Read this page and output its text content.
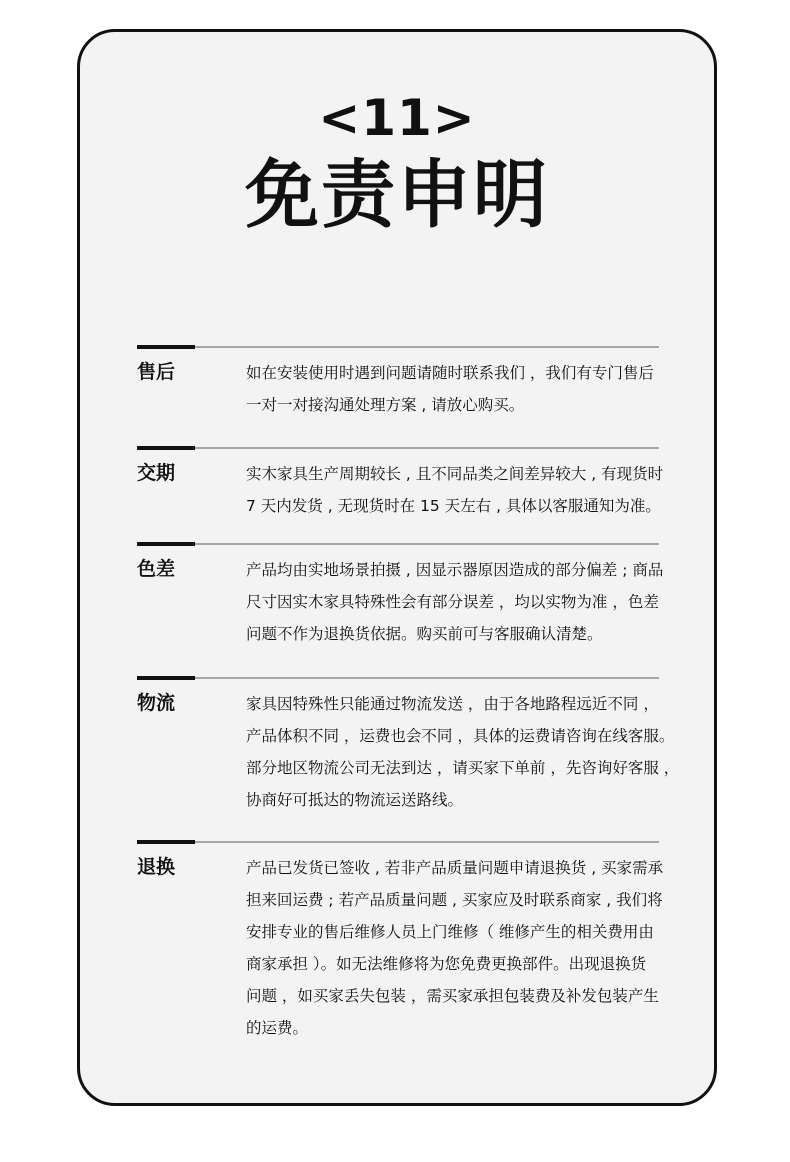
<11>
免责申明
售后	如在安装使用时遇到问题请随时联系我们 ，我们有专门售后
一对一对接沟通处理方案 , 请放心购买。
交期	实木家具生产周期较长 , 且不同品类之间差异较大 , 有现货时
7 天内发货 , 无现货时在 15 天左右 , 具体以客服通知为准。
色差	产品均由实地场景拍摄 , 因显示器原因造成的部分偏差 ; 商品
尺寸因实木家具特殊性会有部分误差 ，均以实物为准 ，色差
问题不作为退换货依据。购买前可与客服确认清楚。
物流	家具因特殊性只能通过物流发送 ，由于各地路程远近不同 ，
产品体积不同 ，运费也会不同 ，具体的运费请咨询在线客服。
部分地区物流公司无法到达 ，请买家下单前 ，先咨询好客服 ，
协商好可抵达的物流运送路线。
退换	产品已发货已签收 , 若非产品质量问题申请退换货 , 买家需承
担来回运费 ; 若产品质量问题 , 买家应及时联系商家 , 我们将
安排专业的售后维修人员上门维修（ 维修产生的相关费用由
商家承担 ）。如无法维修将为您免费更换部件。出现退换货
问题 ，如买家丢失包装 ，需买家承担包装费及补发包装产生
的运费。
